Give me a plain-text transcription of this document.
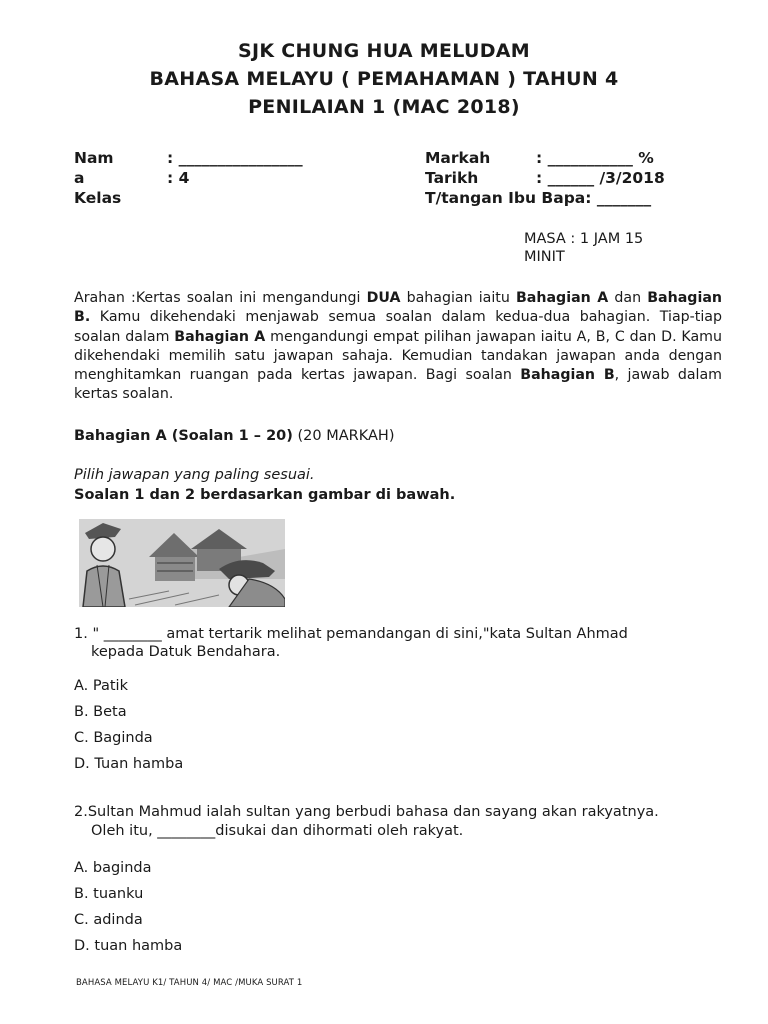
SJK CHUNG HUA MELUDAM
BAHASA MELAYU ( PEMAHAMAN ) TAHUN 4
PENILAIAN 1 (MAC 2018)
Nam
a
Kelas
: ________________
: 4
Markah	: ___________ %
Tarikh	: ______ /3/2018
T/tangan Ibu Bapa: _______
MASA : 1 JAM 15
MINIT
Arahan :Kertas soalan ini mengandungi DUA bahagian iaitu Bahagian A dan Bahagian B. Kamu dikehendaki menjawab semua soalan dalam kedua-dua bahagian. Tiap-tiap soalan dalam Bahagian A mengandungi empat pilihan jawapan iaitu A, B, C dan D. Kamu dikehendaki memilih satu jawapan sahaja. Kemudian tandakan jawapan anda dengan menghitamkan ruangan pada kertas jawapan. Bagi soalan Bahagian B, jawab dalam kertas soalan.
Bahagian A (Soalan 1 – 20) (20 MARKAH)
Pilih jawapan yang paling sesuai.
Soalan 1 dan 2 berdasarkan gambar di bawah.
1. " ________ amat tertarik melihat pemandangan di sini,"kata Sultan Ahmad
kepada Datuk Bendahara.
A. Patik
B. Beta
C. Baginda
D. Tuan hamba
2.Sultan Mahmud ialah sultan yang berbudi bahasa dan sayang akan rakyatnya.
Oleh itu, ________disukai dan dihormati oleh rakyat.
A. baginda
B. tuanku
C. adinda
D. tuan hamba
BAHASA MELAYU K1/ TAHUN 4/ MAC /MUKA SURAT 1
